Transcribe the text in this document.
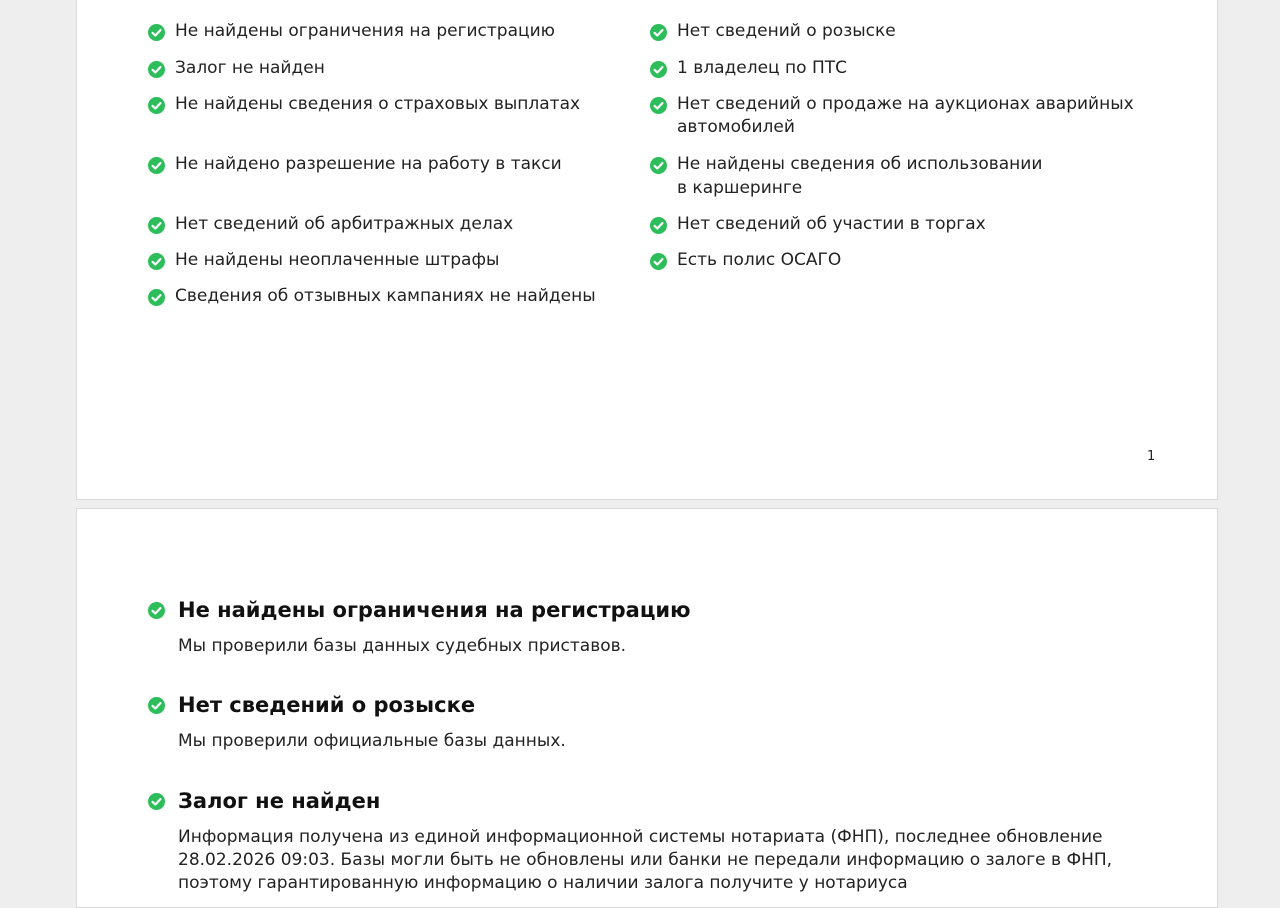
Не найдены ограничения на регистрацию
Залог не найден
Не найдены сведения о страховых выплатах
Не найдено разрешение на работу в такси
Нет сведений об арбитражных делах
Не найдены неоплаченные штрафы
Сведения об отзывных кампаниях не найдены
Нет сведений о розыске
1 владелец по ПТС
Нет сведений о продаже на аукционах аварийных
автомобилей
Не найдены сведения об использовании
в каршеринге
Нет сведений об участии в торгах
Есть полис ОСАГО
1
Не найдены ограничения на регистрацию
Мы проверили базы данных судебных приставов.
Нет сведений о розыске
Мы проверили официальные базы данных.
Залог не найден
Информация получена из единой информационной системы нотариата (ФНП), последнее обновление 28.02.2026 09:03. Базы могли быть не обновлены или банки не передали информацию о залоге в ФНП, поэтому гарантированную информацию о наличии залога получите у нотариуса
